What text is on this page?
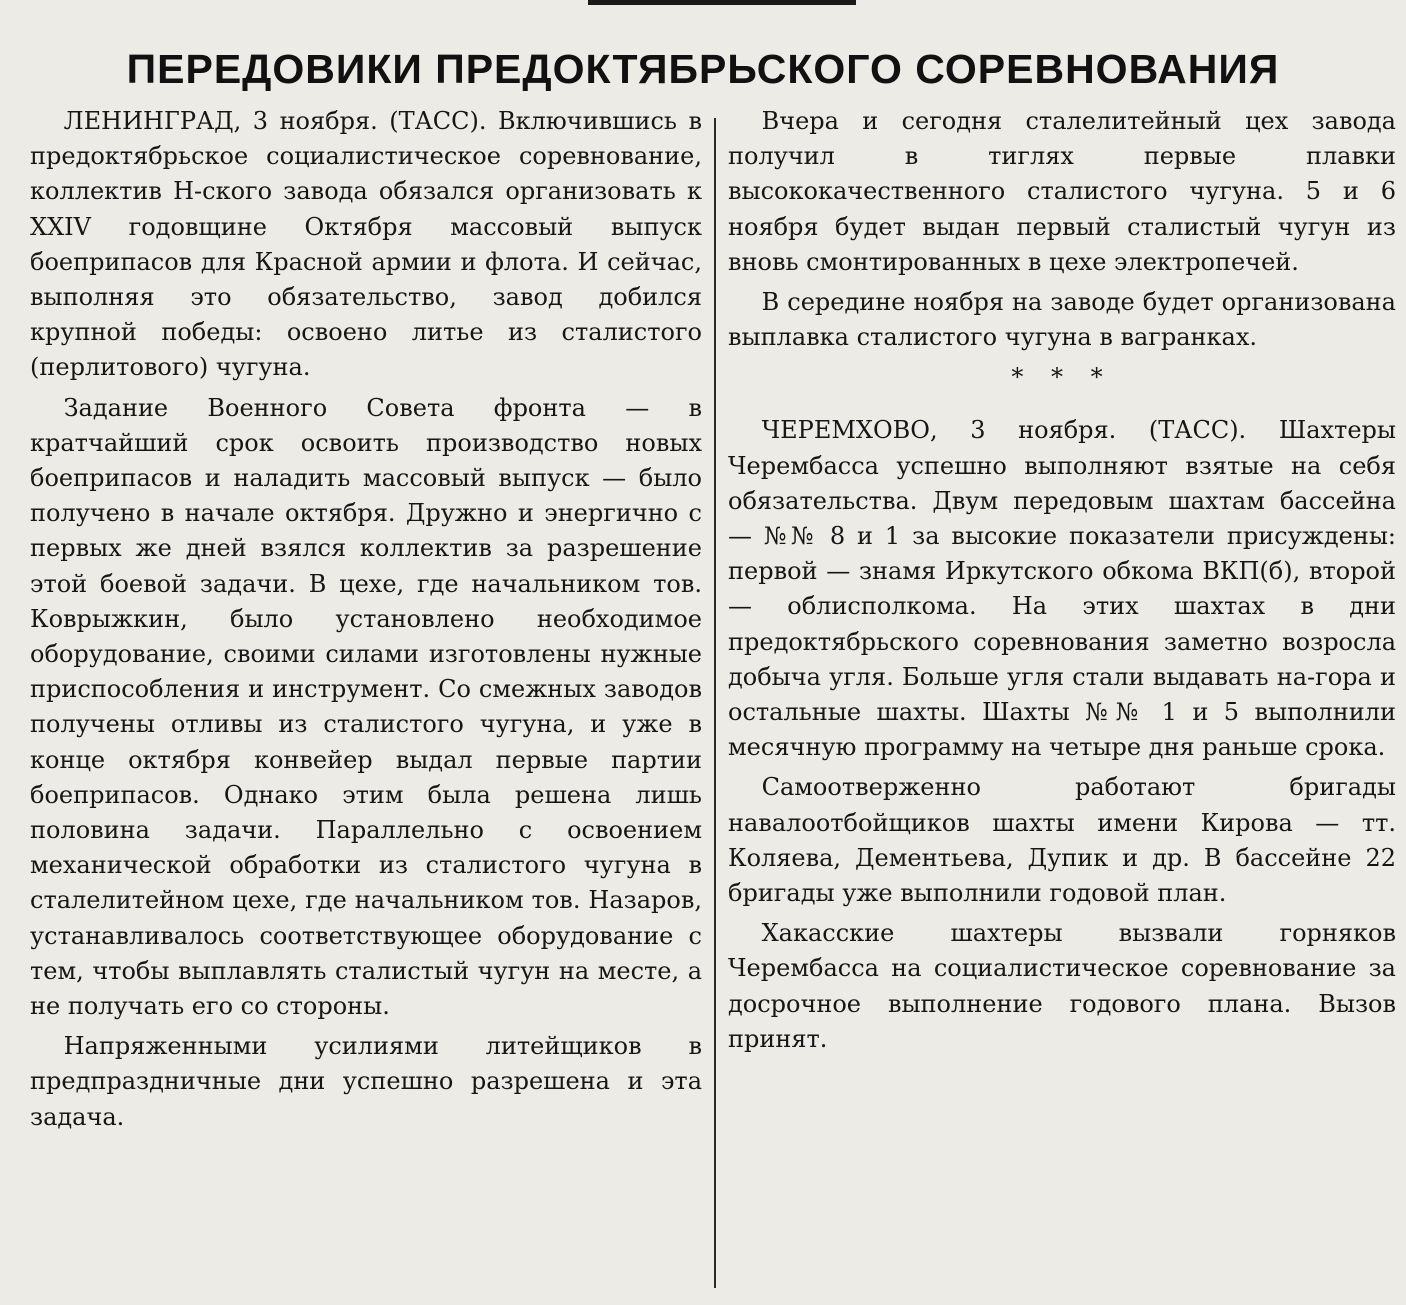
ПЕРЕДОВИКИ ПРЕДОКТЯБРЬСКОГО СОРЕВНОВАНИЯ

ЛЕНИНГРАД, 3 ноября. (ТАСС). Включившись в предоктябрьское социалистическое соревнование, коллектив Н-ского завода обязался организовать к XXIV годовщине Октября массовый выпуск боеприпасов для Красной армии и флота. И сейчас, выполняя это обязательство, завод добился крупной победы: освоено литье из сталистого (перлитового) чугуна.

Задание Военного Совета фронта — в кратчайший срок освоить производство новых боеприпасов и наладить массовый выпуск — было получено в начале октября. Дружно и энергично с первых же дней взялся коллектив за разрешение этой боевой задачи. В цехе, где начальником тов. Коврыжкин, было установлено необходимое оборудование, своими силами изготовлены нужные приспособления и инструмент. Со смежных заводов получены отливы из сталистого чугуна, и уже в конце октября конвейер выдал первые партии боеприпасов. Однако этим была решена лишь половина задачи. Параллельно с освоением механической обработки из сталистого чугуна в сталелитейном цехе, где начальником тов. Назаров, устанавливалось соответствующее оборудование с тем, чтобы выплавлять сталистый чугун на месте, а не получать его со стороны.

Напряженными усилиями литейщиков в предпраздничные дни успешно разрешена и эта задача.

Вчера и сегодня сталелитейный цех завода получил в тиглях первые плавки высококачественного сталистого чугуна. 5 и 6 ноября будет выдан первый сталистый чугун из вновь смонтированных в цехе электропечей.

В середине ноября на заводе будет организована выплавка сталистого чугуна в вагранках.

* * *

ЧЕРЕМХОВО, 3 ноября. (ТАСС). Шахтеры Черембасса успешно выполняют взятые на себя обязательства. Двум передовым шахтам бассейна — №№ 8 и 1 за высокие показатели присуждены: первой — знамя Иркутского обкома ВКП(б), второй — облисполкома. На этих шахтах в дни предоктябрьского соревнования заметно возросла добыча угля. Больше угля стали выдавать на-гора и остальные шахты. Шахты №№ 1 и 5 выполнили месячную программу на четыре дня раньше срока.

Самоотверженно работают бригады навалоотбойщиков шахты имени Кирова — тт. Коляева, Дементьева, Дупик и др. В бассейне 22 бригады уже выполнили годовой план.

Хакасские шахтеры вызвали горняков Черембасса на социалистическое соревнование за досрочное выполнение годового плана. Вызов принят.
